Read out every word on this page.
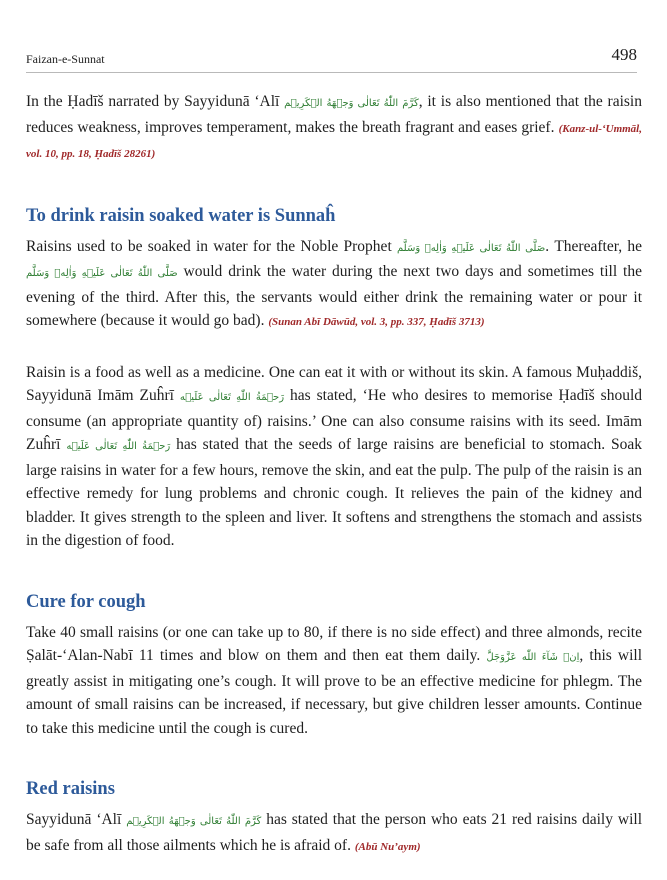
Faizan-e-Sunnat	498

In the Ḥadīš narrated by Sayyidunā ‘Alī كَرَّمَ اللّٰهُ تَعَالٰی وَجۡهَهُ الۡكَرِيۡم, it is also mentioned that the raisin reduces weakness, improves temperament, makes the breath fragrant and eases grief. (Kanz-ul-‘Ummāl, vol. 10, pp. 18, Ḥadīš 28261)

To drink raisin soaked water is Sunnaĥ

Raisins used to be soaked in water for the Noble Prophet صَلَّى اللّٰهُ تَعَالٰى عَلَيۡهِ وَاٰلِهٖ وَسَلَّم. Thereafter, he صَلَّى اللّٰهُ تَعَالٰى عَلَيۡهِ وَاٰلِهٖ وَسَلَّم would drink the water during the next two days and sometimes till the evening of the third. After this, the servants would either drink the remaining water or pour it somewhere (because it would go bad). (Sunan Abī Dāwūd, vol. 3, pp. 337, Ḥadīš 3713)

Raisin is a food as well as a medicine. One can eat it with or without its skin. A famous Muḥaddiš, Sayyidunā Imām Zuĥrī رَحۡمَةُ اللّٰهِ تَعَالٰى عَلَيۡه has stated, ‘He who desires to memorise Ḥadīš should consume (an appropriate quantity of) raisins.’ One can also consume raisins with its seed. Imām Zuĥrī رَحۡمَةُ اللّٰهِ تَعَالٰى عَلَيۡه has stated that the seeds of large raisins are beneficial to stomach. Soak large raisins in water for a few hours, remove the skin, and eat the pulp. The pulp of the raisin is an effective remedy for lung problems and chronic cough. It relieves the pain of the kidney and bladder. It gives strength to the spleen and liver. It softens and strengthens the stomach and assists in the digestion of food.

Cure for cough

Take 40 small raisins (or one can take up to 80, if there is no side effect) and three almonds, recite Ṣalāt-‘Alan-Nabī 11 times and blow on them and then eat them daily. اِنۡ شَآءَ اللّٰه عَزَّوَجَلَّ, this will greatly assist in mitigating one’s cough. It will prove to be an effective medicine for phlegm. The amount of small raisins can be increased, if necessary, but give children lesser amounts. Continue to take this medicine until the cough is cured.

Red raisins

Sayyidunā ‘Alī كَرَّمَ اللّٰهُ تَعَالٰی وَجۡهَهُ الۡكَرِيۡم has stated that the person who eats 21 red raisins daily will be safe from all those ailments which he is afraid of. (Abū Nu’aym)
